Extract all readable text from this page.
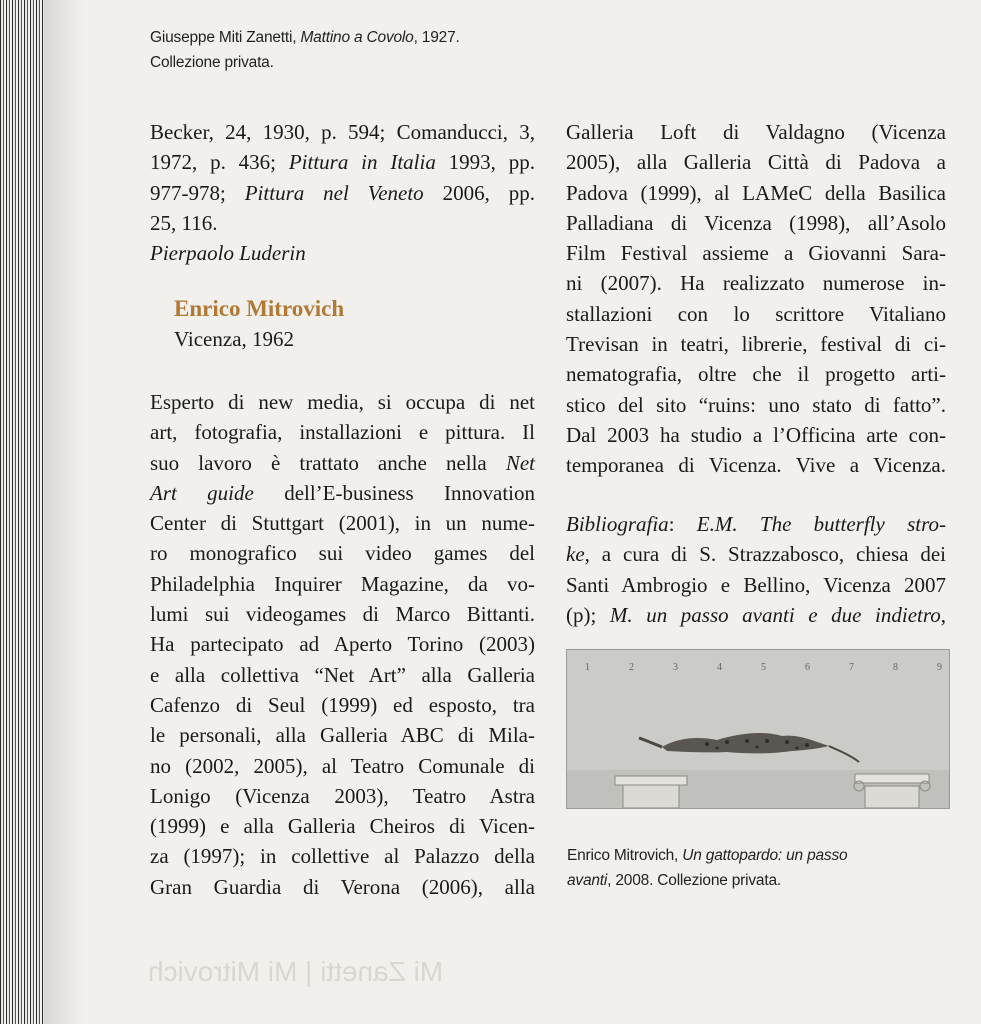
Giuseppe Miti Zanetti, Mattino a Covolo, 1927.
Collezione privata.
Becker, 24, 1930, p. 594; Comanducci, 3,
1972, p. 436; Pittura in Italia 1993, pp.
977-978; Pittura nel Veneto 2006, pp.
25, 116.
Pierpaolo Luderin
Enrico Mitrovich
Vicenza, 1962
Esperto di new media, si occupa di net
art, fotografia, installazioni e pittura. Il
suo lavoro è trattato anche nella Net
Art guide dell’E-business Innovation
Center di Stuttgart (2001), in un nume-
ro monografico sui video games del
Philadelphia Inquirer Magazine, da vo-
lumi sui videogames di Marco Bittanti.
Ha partecipato ad Aperto Torino (2003)
e alla collettiva “Net Art” alla Galleria
Cafenzo di Seul (1999) ed esposto, tra
le personali, alla Galleria ABC di Mila-
no (2002, 2005), al Teatro Comunale di
Lonigo (Vicenza 2003), Teatro Astra
(1999) e alla Galleria Cheiros di Vicen-
za (1997); in collettive al Palazzo della
Gran Guardia di Verona (2006), alla
Galleria Loft di Valdagno (Vicenza
2005), alla Galleria Città di Padova a
Padova (1999), al LAMeC della Basilica
Palladiana di Vicenza (1998), all’Asolo
Film Festival assieme a Giovanni Sara-
ni (2007). Ha realizzato numerose in-
stallazioni con lo scrittore Vitaliano
Trevisan in teatri, librerie, festival di ci-
nematografia, oltre che il progetto arti-
stico del sito “ruins: uno stato di fatto”.
Dal 2003 ha studio a l’Officina arte con-
temporanea di Vicenza. Vive a Vicenza.
Bibliografia: E.M. The butterfly stro-
ke, a cura di S. Strazzabosco, chiesa dei
Santi Ambrogio e Bellino, Vicenza 2007
(p); M. un passo avanti e due indietro,
1	2	3	4	5	6	7	8	9
Enrico Mitrovich, Un gattopardo: un passo
avanti, 2008. Collezione privata.
Mi Zanetti | Mi Mitrovich
